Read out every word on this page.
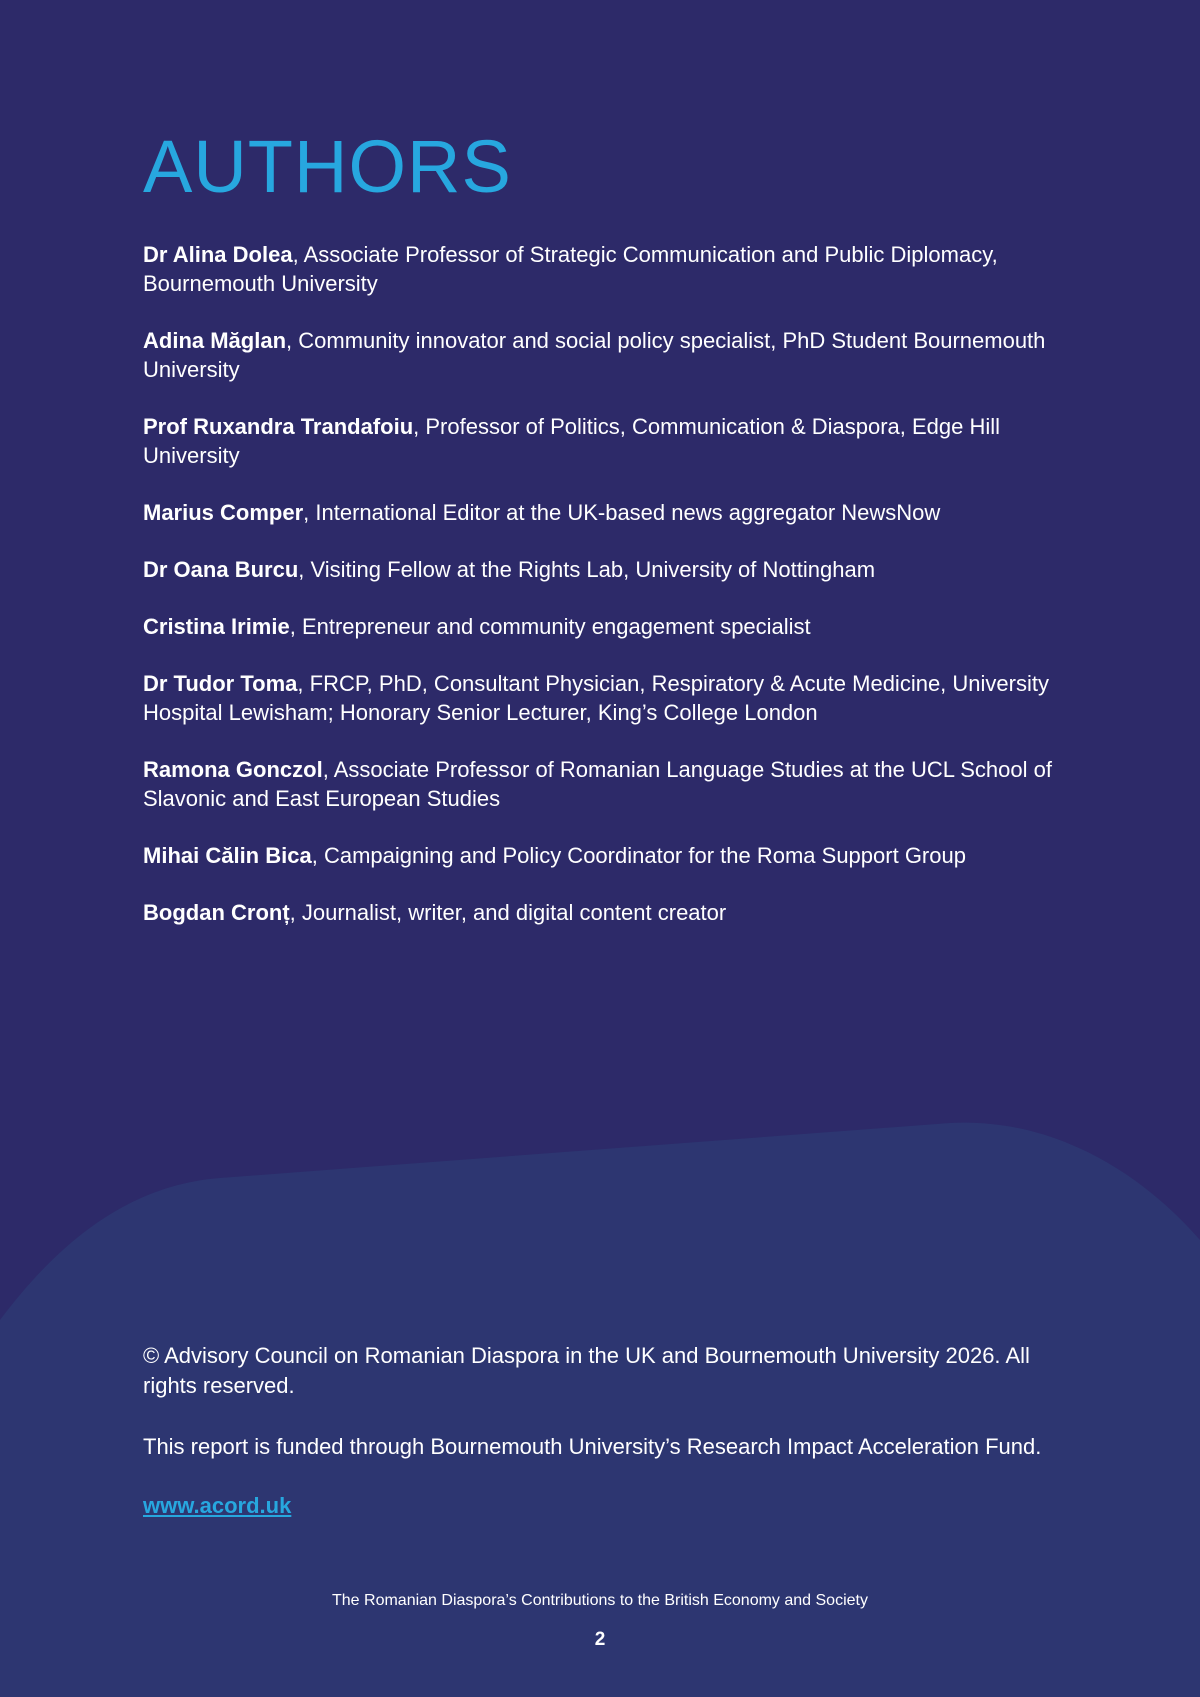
AUTHORS
Dr Alina Dolea, Associate Professor of Strategic Communication and Public Diplomacy, Bournemouth University
Adina Măglan, Community innovator and social policy specialist, PhD Student Bournemouth University
Prof Ruxandra Trandafoiu, Professor of Politics, Communication & Diaspora, Edge Hill University
Marius Comper, International Editor at the UK-based news aggregator NewsNow
Dr Oana Burcu, Visiting Fellow at the Rights Lab, University of Nottingham
Cristina Irimie, Entrepreneur and community engagement specialist
Dr Tudor Toma, FRCP, PhD, Consultant Physician, Respiratory & Acute Medicine, University Hospital Lewisham; Honorary Senior Lecturer, King’s College London
Ramona Gonczol, Associate Professor of Romanian Language Studies at the UCL School of Slavonic and East European Studies
Mihai Călin Bica, Campaigning and Policy Coordinator for the Roma Support Group
Bogdan Cronț, Journalist, writer, and digital content creator

© Advisory Council on Romanian Diaspora in the UK and Bournemouth University 2026. All rights reserved.

This report is funded through Bournemouth University’s Research Impact Acceleration Fund.

www.acord.uk
The Romanian Diaspora’s Contributions to the British Economy and Society
2
